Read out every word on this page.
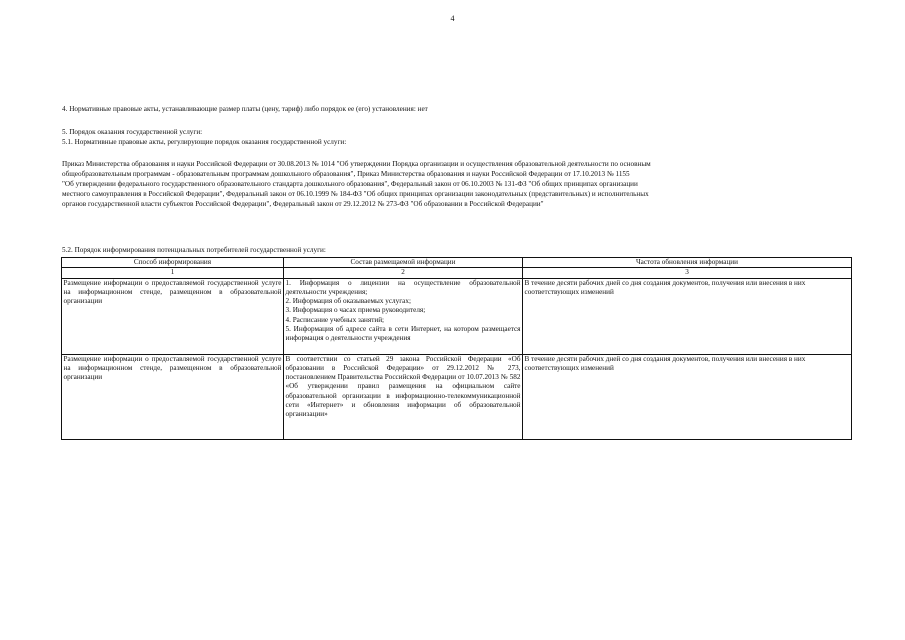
4
4. Нормативные правовые акты, устанавливающие размер платы (цену, тариф) либо порядок ее (его) установления: нет
5. Порядок оказания государственной услуги:
5.1. Нормативные правовые акты, регулирующие порядок оказания государственной услуги:
Приказ Министерства образования и науки Российской Федерации от 30.08.2013 № 1014 "Об утверждении Порядка организации и осуществления образовательной деятельности по основным
общеобразовательным программам - образовательным программам дошкольного образования", Приказ Министерства образования и науки Российской Федерации от 17.10.2013 № 1155
"Об утверждении федерального государственного образовательного стандарта дошкольного образования", Федеральный закон от 06.10.2003 № 131-ФЗ "Об общих принципах организации
местного самоуправления в Российской Федерации", Федеральный закон от 06.10.1999 № 184-ФЗ "Об общих принципах организации законодательных (представительных) и исполнительных
органов государственной власти субъектов Российской Федерации", Федеральный закон от 29.12.2012 № 273-ФЗ "Об образовании в Российской Федерации"
5.2. Порядок информирования потенциальных потребителей государственной услуги:
Способ информирования	Состав размещаемой информации	Частота обновления информации
1	2	3
Размещение информации о предоставляемой государственной услуге на информационном стенде, размещенном в образовательной организации	1. Информация о лицензии на осуществление образовательной деятельности учреждения;
2. Информация об оказываемых услугах;
3. Информация о часах приема руководителя;
4. Расписание учебных занятий;
5. Информация об адресе сайта в сети Интернет, на котором размещается информация о деятельности учреждения	В течение десяти рабочих дней со дня создания документов, получения или внесения в них соответствующих изменений
Размещение информации о предоставляемой государственной услуге на информационном стенде, размещенном в образовательной организации	В соответствии со статьей 29 закона Российской Федерации «Об образовании в Российской Федерации» от 29.12.2012 № 273, постановлением Правительства Российской Федерации от 10.07.2013 № 582 «Об утверждении правил размещения на официальном сайте образовательной организации в информационно-телекоммуникационной сети «Интернет» и обновления информации об образовательной организации»	В течение десяти рабочих дней со дня создания документов, получения или внесения в них соответствующих изменений
